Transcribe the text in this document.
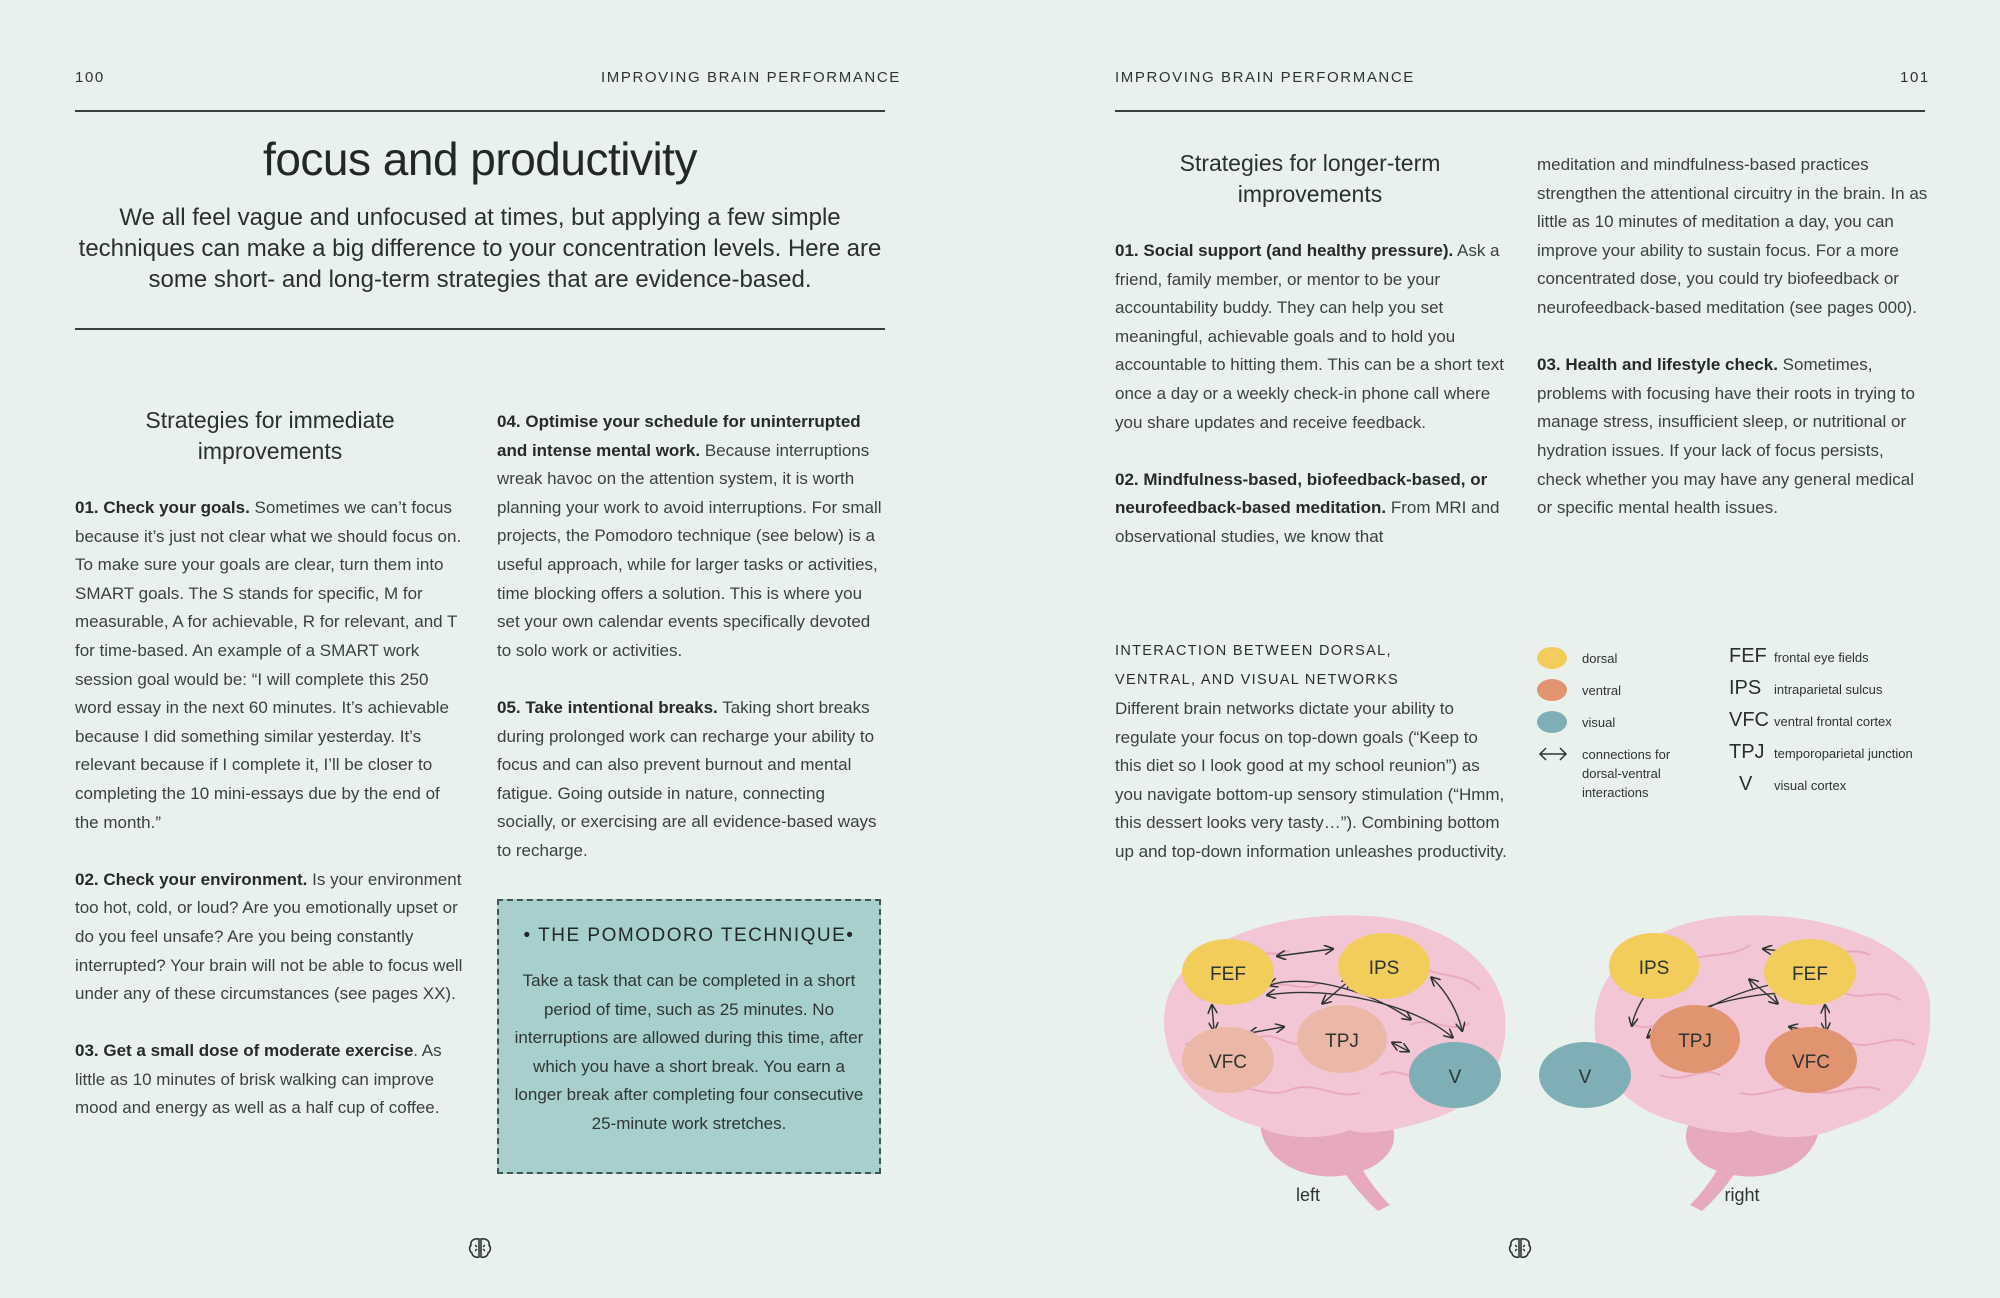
100	IMPROVING BRAIN PERFORMANCE
focus and productivity
We all feel vague and unfocused at times, but applying a few simple techniques can make a big difference to your concentration levels. Here are some short- and long-term strategies that are evidence-based.
Strategies for immediate improvements

01. Check your goals. Sometimes we can’t focus because it’s just not clear what we should focus on. To make sure your goals are clear, turn them into SMART goals. The S stands for specific, M for measurable, A for achievable, R for relevant, and T for time-based. An example of a SMART work session goal would be: “I will complete this 250 word essay in the next 60 minutes. It’s achievable because I did something similar yesterday. It’s relevant because if I complete it, I’ll be closer to completing the 10 mini-essays due by the end of the month.”

02. Check your environment. Is your environment too hot, cold, or loud? Are you emotionally upset or do you feel unsafe? Are you being constantly interrupted? Your brain will not be able to focus well under any of these circumstances (see pages XX).

03. Get a small dose of moderate exercise. As little as 10 minutes of brisk walking can improve mood and energy as well as a half cup of coffee.

04. Optimise your schedule for uninterrupted and intense mental work. Because interruptions wreak havoc on the attention system, it is worth planning your work to avoid interruptions. For small projects, the Pomodoro technique (see below) is a useful approach, while for larger tasks or activities, time blocking offers a solution. This is where you set your own calendar events specifically devoted to solo work or activities.

05. Take intentional breaks. Taking short breaks during prolonged work can recharge your ability to focus and can also prevent burnout and mental fatigue. Going outside in nature, connecting socially, or exercising are all evidence-based ways to recharge.

• THE POMODORO TECHNIQUE•
Take a task that can be completed in a short period of time, such as 25 minutes. No interruptions are allowed during this time, after which you have a short break. You earn a longer break after completing four consecutive 25-minute work stretches.
IMPROVING BRAIN PERFORMANCE	101
Strategies for longer-term improvements

01. Social support (and healthy pressure). Ask a friend, family member, or mentor to be your accountability buddy. They can help you set meaningful, achievable goals and to hold you accountable to hitting them. This can be a short text once a day or a weekly check-in phone call where you share updates and receive feedback.

02. Mindfulness-based, biofeedback-based, or neurofeedback-based meditation. From MRI and observational studies, we know that

meditation and mindfulness-based practices strengthen the attentional circuitry in the brain. In as little as 10 minutes of meditation a day, you can improve your ability to sustain focus. For a more concentrated dose, you could try biofeedback or neurofeedback-based meditation (see pages 000).

03. Health and lifestyle check. Sometimes, problems with focusing have their roots in trying to manage stress, insufficient sleep, or nutritional or hydration issues. If your lack of focus persists, check whether you may have any general medical or specific mental health issues.

INTERACTION BETWEEN DORSAL,
VENTRAL, AND VISUAL NETWORKS
Different brain networks dictate your ability to regulate your focus on top-down goals (“Keep to this diet so I look good at my school reunion”) as you navigate bottom-up sensory stimulation (“Hmm, this dessert looks very tasty…”). Combining bottom up and top-down information unleashes productivity.
dorsal
ventral
visual
connections for
dorsal-ventral
interactions
FEF frontal eye fields
IPS intraparietal sulcus
VFC ventral frontal cortex
TPJ temporoparietal junction
V visual cortex
FEF	IPS
TPJ
VFC
V
left
IPS	FEF
TPJ
VFC
V
right
